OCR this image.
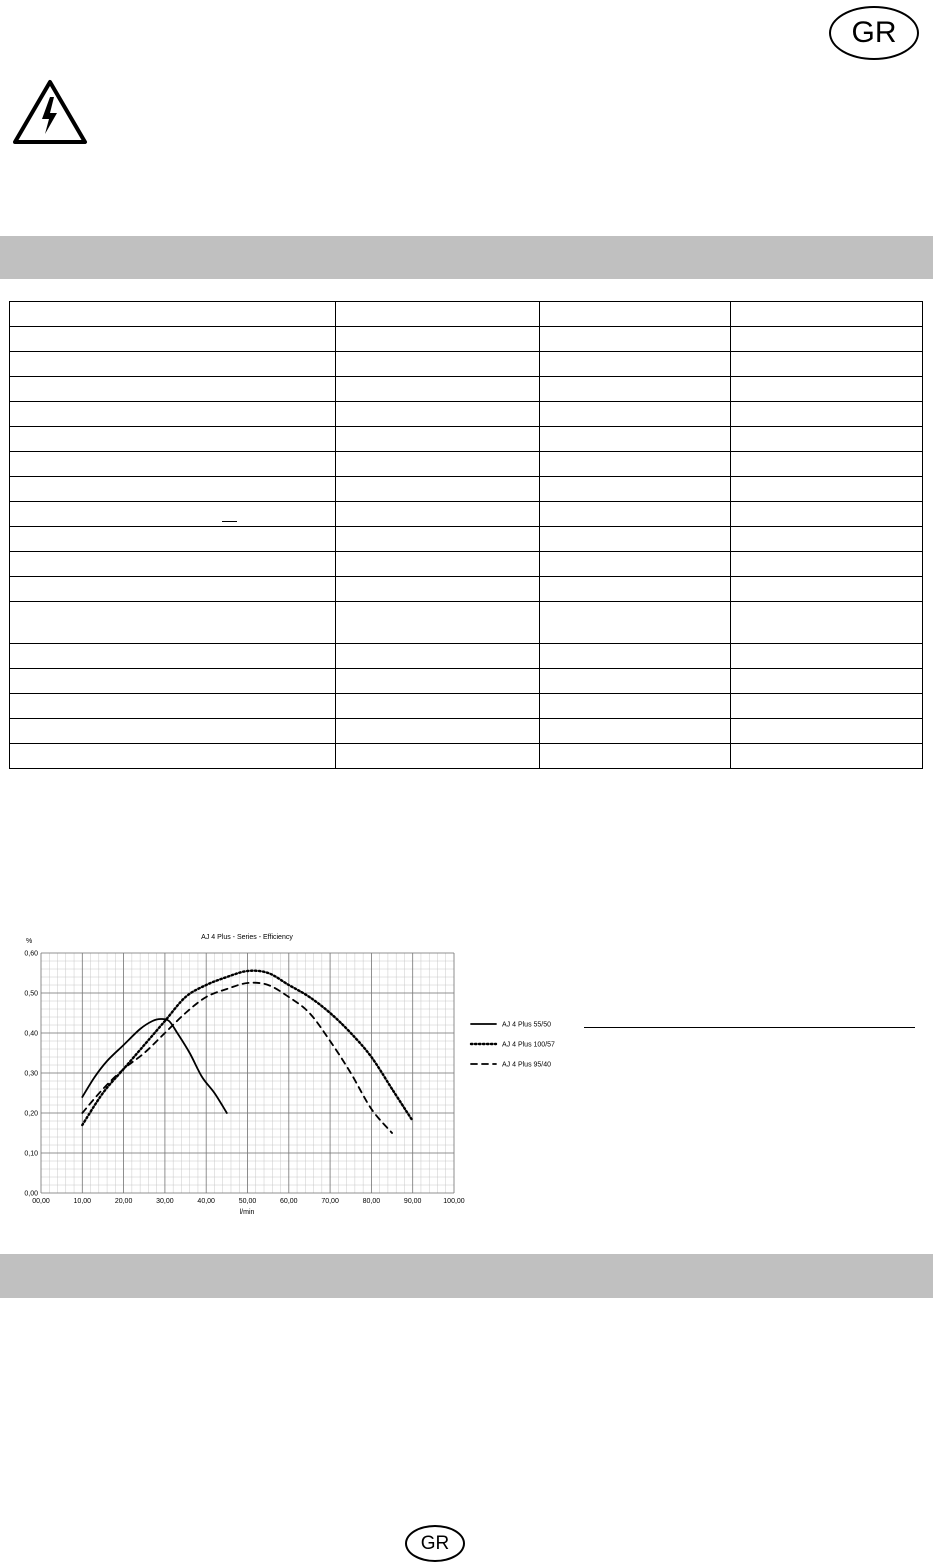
GR

AJ 4 Plus - Series - Efficiency
%
l/min
00,00	10,00	20,00	30,00	40,00	50,00	60,00	70,00	80,00	90,00	100,00
0,00
0,10
0,20
0,30
0,40
0,50
0,60
AJ 4 Plus 55/50
AJ 4 Plus 100/57
AJ 4 Plus 95/40
GR
